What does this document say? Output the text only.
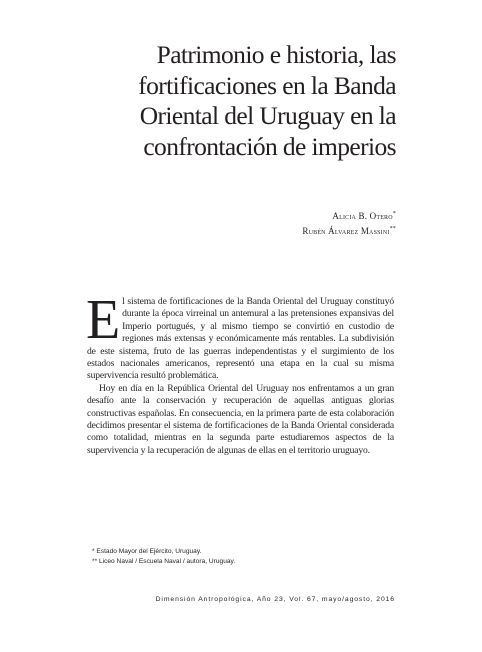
Patrimonio e historia, las
fortificaciones en la Banda
Oriental del Uruguay en la
confrontación de imperios
Alicia B. Otero*
Rubén Álvarez Massini**

El sistema de fortificaciones de la Banda Oriental del Uruguay constituyó durante la época virreinal un antemural a las pretensiones expansivas del Imperio portugués, y al mismo tiempo se convirtió en custodio de regiones más extensas y económicamente más rentables. La subdivisión de este sistema, fruto de las guerras independentistas y el surgimiento de los estados nacionales americanos, representó una etapa en la cual su misma supervivencia resultó problemática.

Hoy en día en la República Oriental del Uruguay nos enfrentamos a un gran desafío ante la conservación y recuperación de aquellas antiguas glorias constructivas españolas. En consecuencia, en la primera parte de esta colaboración decidimos presentar el sistema de fortificaciones de la Banda Oriental considerada como totalidad, mientras en la segunda parte estudiaremos aspectos de la supervivencia y la recuperación de algunas de ellas en el territorio uruguayo.

* Estado Mayor del Ejército, Uruguay.
** Liceo Naval / Escuela Naval / autora, Uruguay.
Dimensión Antropológica, Año 23, Vol. 67, mayo/agosto, 2016
